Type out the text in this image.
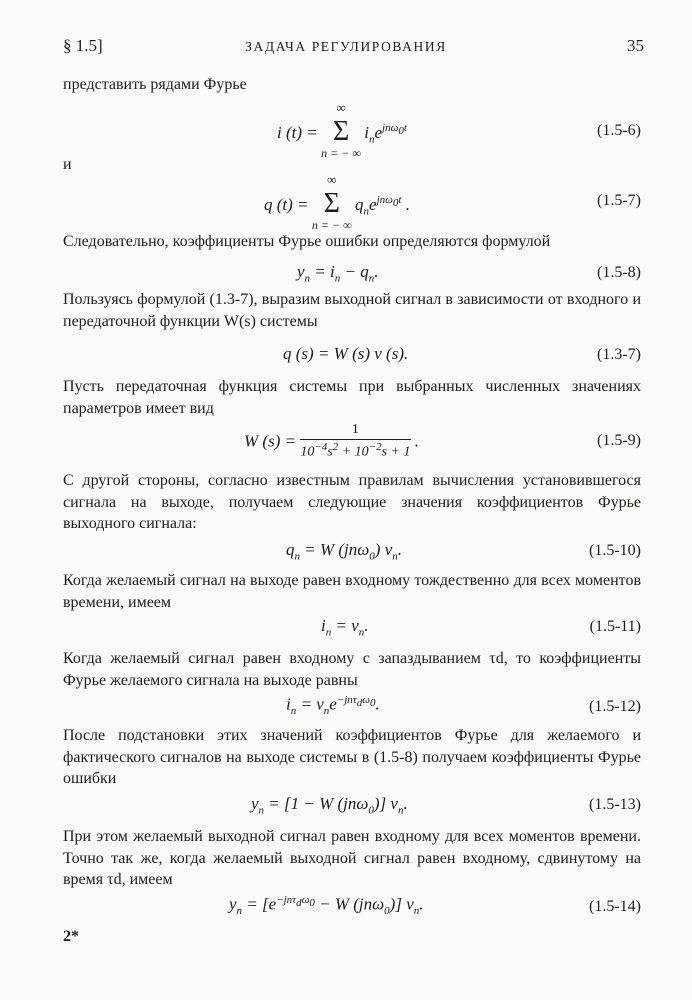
§ 1.5]	ЗАДАЧА РЕГУЛИРОВАНИЯ	35
представить рядами Фурье
i (t) =
∞
Σ
n = − ∞
$i_ne^{jn\omega_0t}$	(1.5-6)
и
q (t) =
∞
Σ
n = − ∞
$q_ne^{jn\omega_0t}$ .	(1.5-7)
Следовательно, коэффициенты Фурье ошибки определяются формулой
$y_n = i_n - q_n$.	(1.5-8)
Пользуясь формулой (1.3-7), выразим выходной сигнал в зависимости от входного и передаточной функции W(s) системы
q (s) = W (s) v (s).	(1.3-7)
Пусть передаточная функция системы при выбранных численных значениях параметров имеет вид
W $(s) = \frac{1}{10^{-4}s^2 + 10^{-2}s + 1}$ .	(1.5-9)
С другой стороны, согласно известным правилам вычисления установившегося сигнала на выходе, получаем следующие значения коэффициентов Фурье выходного сигнала:
$q_n = W$ (jnω$_0$) $v_n$.	(1.5-10)
Когда желаемый сигнал на выходе равен входному тождественно для всех моментов времени, имеем
$i_n = v_n$.	(1.5-11)
Когда желаемый сигнал равен входному с запаздыванием τd, то коэффициенты Фурье желаемого сигнала на выходе равны
$i_n = v_ne^{-jn\tau_d\omega_0}$.	(1.5-12)
После подстановки этих значений коэффициентов Фурье для желаемого и фактического сигналов на выходе системы в (1.5-8) получаем коэффициенты Фурье ошибки
$y_n = [1 - W$ (jnω$_0$)] $v_n$.	(1.5-13)
При этом желаемый выходной сигнал равен входному для всех моментов времени. Точно так же, когда желаемый выходной сигнал равен входному, сдвинутому на время τd, имеем
$y_n = [e^{-jn\tau_d\omega_0} - W$ (jnω$_0$)] $v_n$.	(1.5-14)
2*
